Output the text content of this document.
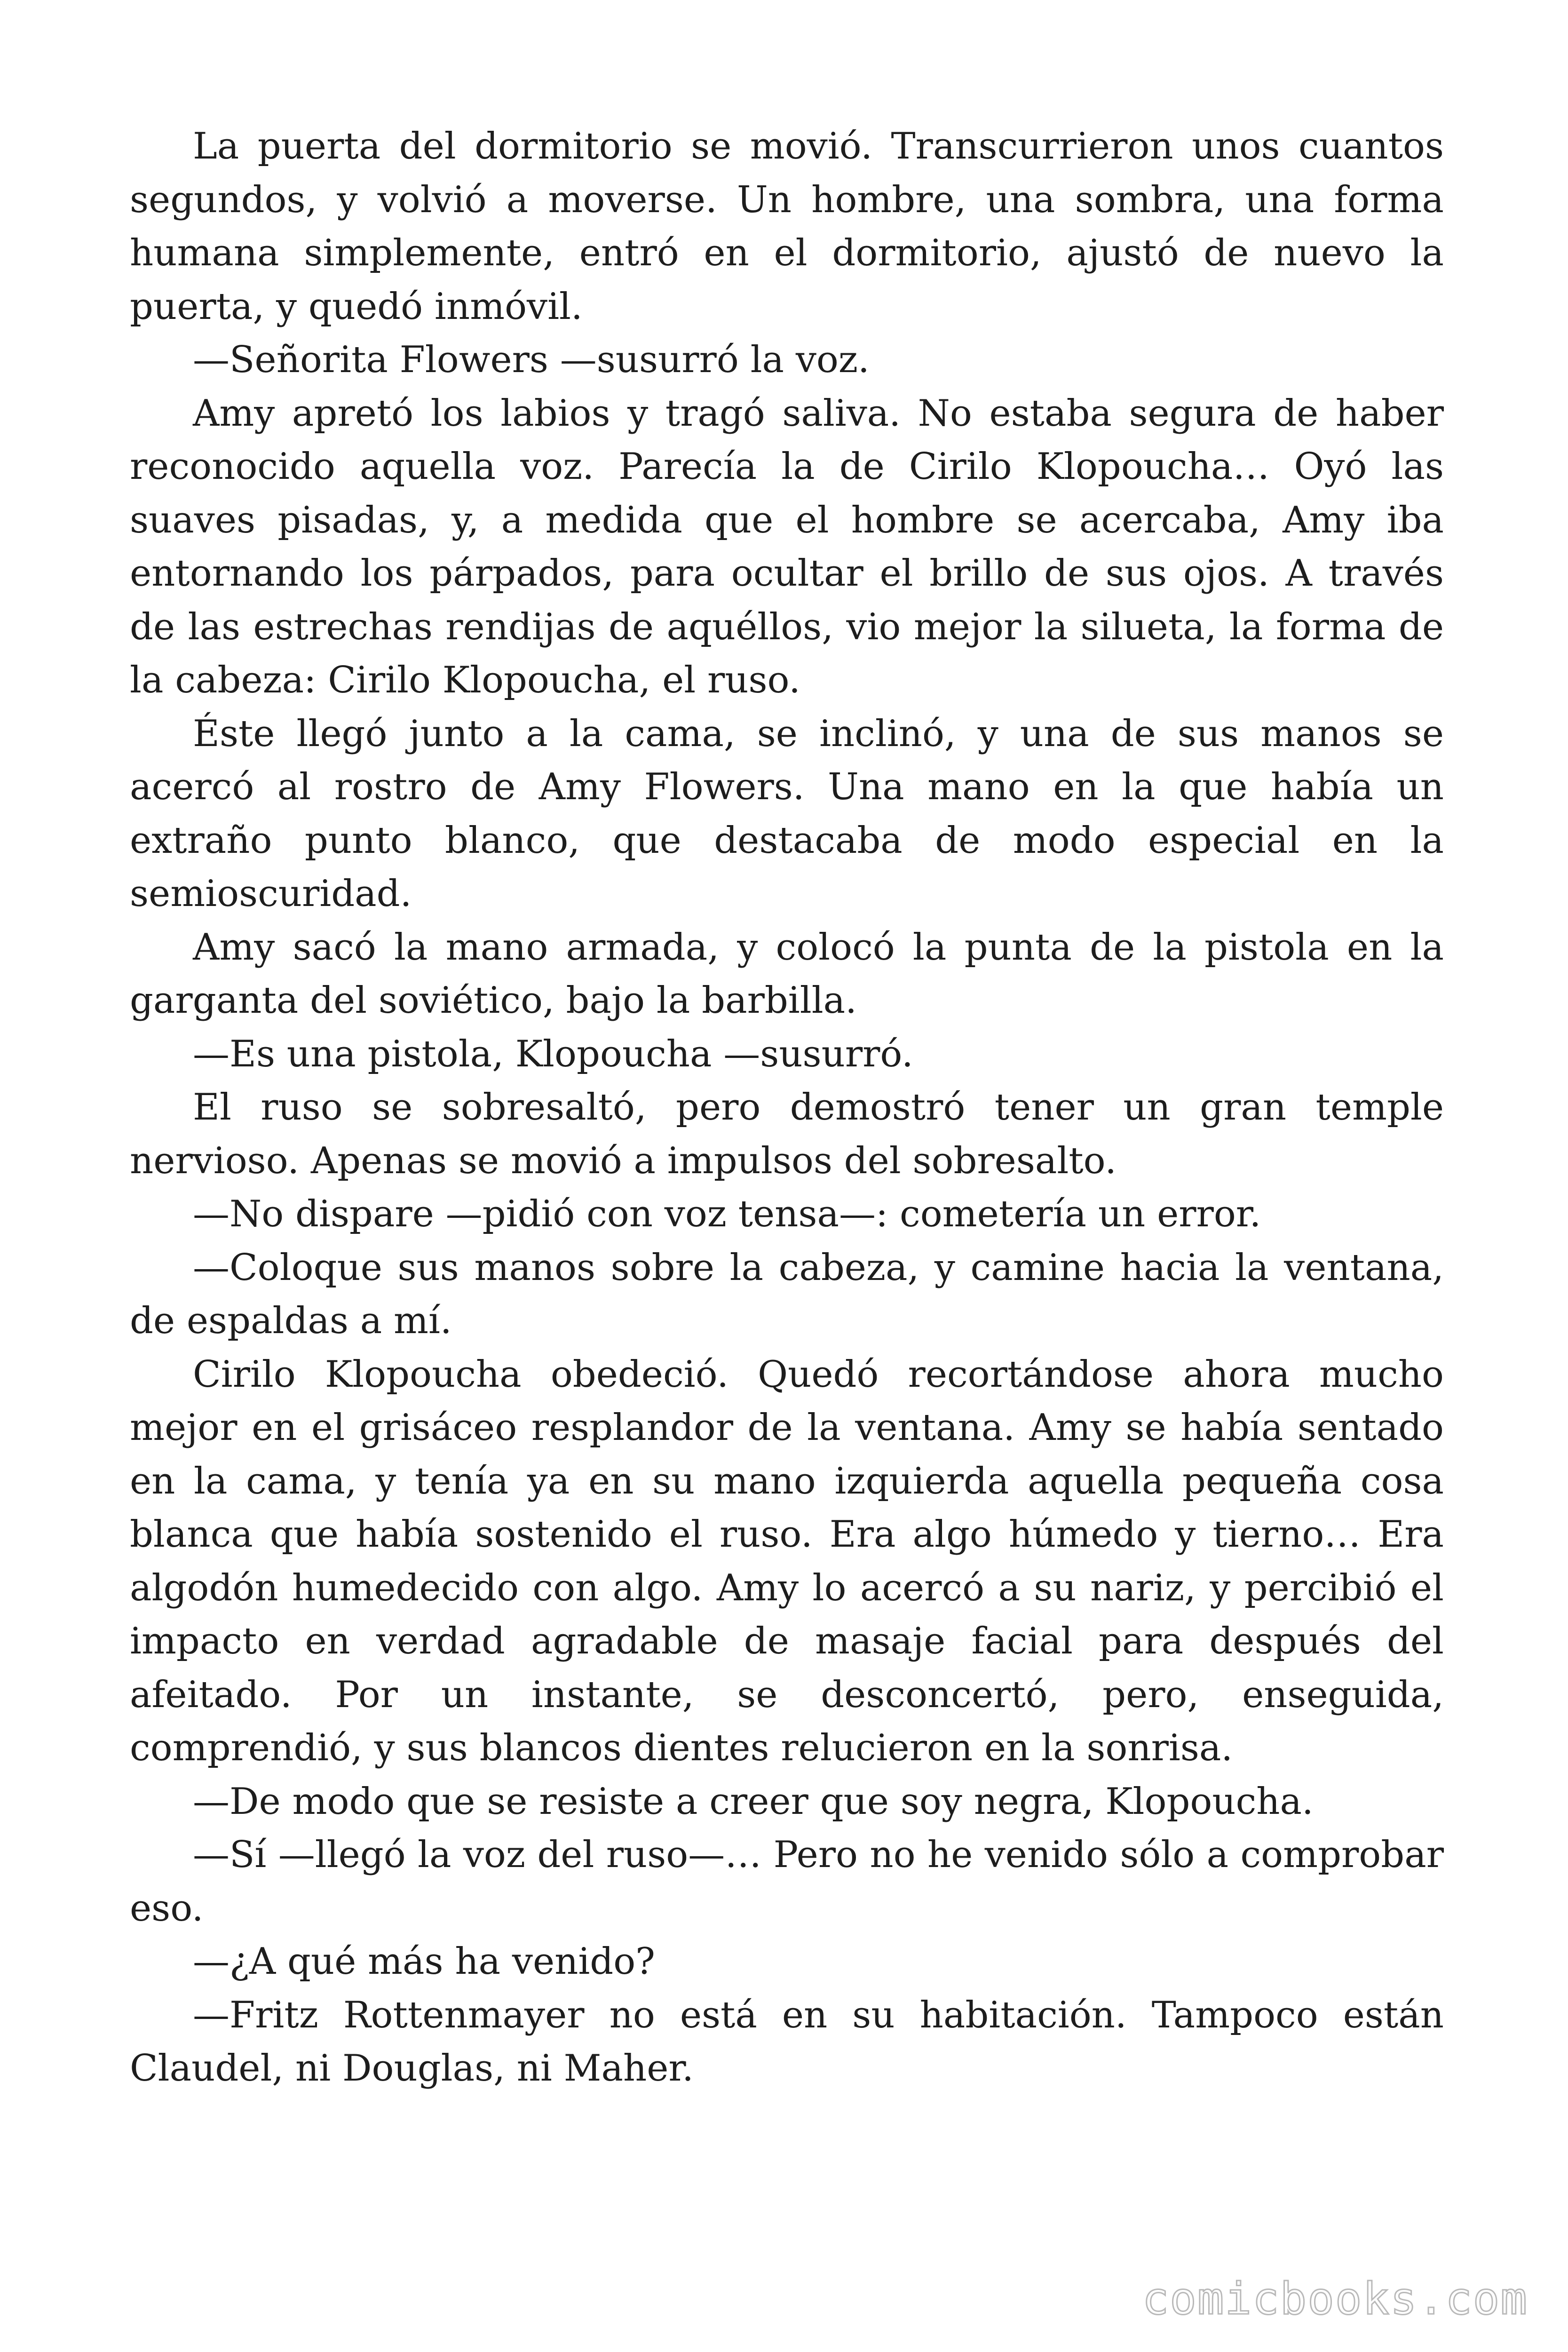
La puerta del dormitorio se movió. Transcurrieron unos cuantos segundos, y volvió a moverse. Un hombre, una sombra, una forma humana simplemente, entró en el dormitorio, ajustó de nuevo la puerta, y quedó inmóvil.

—Señorita Flowers —susurró la voz.

Amy apretó los labios y tragó saliva. No estaba segura de haber reconocido aquella voz. Parecía la de Cirilo Klopoucha… Oyó las suaves pisadas, y, a medida que el hombre se acercaba, Amy iba entornando los párpados, para ocultar el brillo de sus ojos. A través de las estrechas rendijas de aquéllos, vio mejor la silueta, la forma de la cabeza: Cirilo Klopoucha, el ruso.

Éste llegó junto a la cama, se inclinó, y una de sus manos se acercó al rostro de Amy Flowers. Una mano en la que había un extraño punto blanco, que destacaba de modo especial en la semioscuridad.

Amy sacó la mano armada, y colocó la punta de la pistola en la garganta del soviético, bajo la barbilla.

—Es una pistola, Klopoucha —susurró.

El ruso se sobresaltó, pero demostró tener un gran temple nervioso. Apenas se movió a impulsos del sobresalto.

—No dispare —pidió con voz tensa—: cometería un error.

—Coloque sus manos sobre la cabeza, y camine hacia la ventana, de espaldas a mí.

Cirilo Klopoucha obedeció. Quedó recortándose ahora mucho mejor en el grisáceo resplandor de la ventana. Amy se había sentado en la cama, y tenía ya en su mano izquierda aquella pequeña cosa blanca que había sostenido el ruso. Era algo húmedo y tierno… Era algodón humedecido con algo. Amy lo acercó a su nariz, y percibió el impacto en verdad agradable de masaje facial para después del afeitado. Por un instante, se desconcertó, pero, enseguida, comprendió, y sus blancos dientes relucieron en la sonrisa.

—De modo que se resiste a creer que soy negra, Klopoucha.

—Sí —llegó la voz del ruso—… Pero no he venido sólo a comprobar eso.

—¿A qué más ha venido?

—Fritz Rottenmayer no está en su habitación. Tampoco están Claudel, ni Douglas, ni Maher.

comicbooks.com
